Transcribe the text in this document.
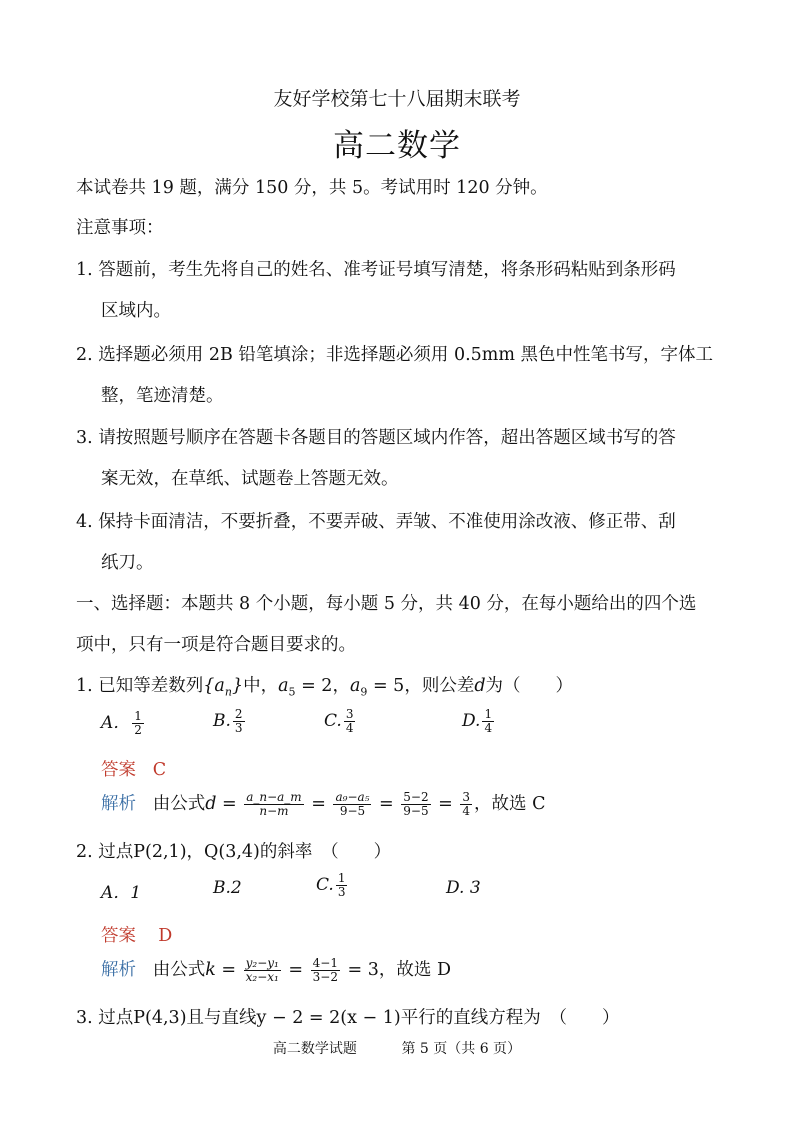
友好学校第七十八届期末联考
高二数学
本试卷共 19 题，满分 150 分，共 5。考试用时 120 分钟。
注意事项：
1. 答题前，考生先将自己的姓名、准考证号填写清楚，将条形码粘贴到条形码
区域内。
2. 选择题必须用 2B 铅笔填涂；非选择题必须用 0.5mm 黑色中性笔书写，字体工
整，笔迹清楚。
3. 请按照题号顺序在答题卡各题目的答题区域内作答，超出答题区域书写的答
案无效，在草纸、试题卷上答题无效。
4. 保持卡面清洁，不要折叠，不要弄破、弄皱、不准使用涂改液、修正带、刮
纸刀。
一、选择题：本题共 8 个小题，每小题 5 分，共 40 分，在每小题给出的四个选
项中，只有一项是符合题目要求的。
1. 已知等差数列$\{a_n\}$中，$a_5 = 2$，$a_9 = 5$，则公差d为（　　）
A． $\frac{1}{2}$	B. $\frac{2}{3}$	C. $\frac{3}{4}$	D. $\frac{1}{4}$
答案 C
解析 由公式$d = \frac{a\_n-a\_m}{n-m} = \frac{\text{a₉−a₅}}{9-5} = \frac{5-2}{9-5} = \frac{3}{4}$ ，故选 C
2. 过点P(2,1)，Q(3,4)的斜率　（　　）
A．1	B.2	C. $\frac{1}{3}$	D. 3
答案 D
解析 由公式$k = \frac{\text{y₂−y₁}}{\text{x₂−x₁}} = \frac{4-1}{3-2} = 3$，故选 D
3. 过点P(4,3)且与直线y − 2 = 2(x − 1)平行的直线方程为　（　　）
高二数学试题	第 5 页（共 6 页）
